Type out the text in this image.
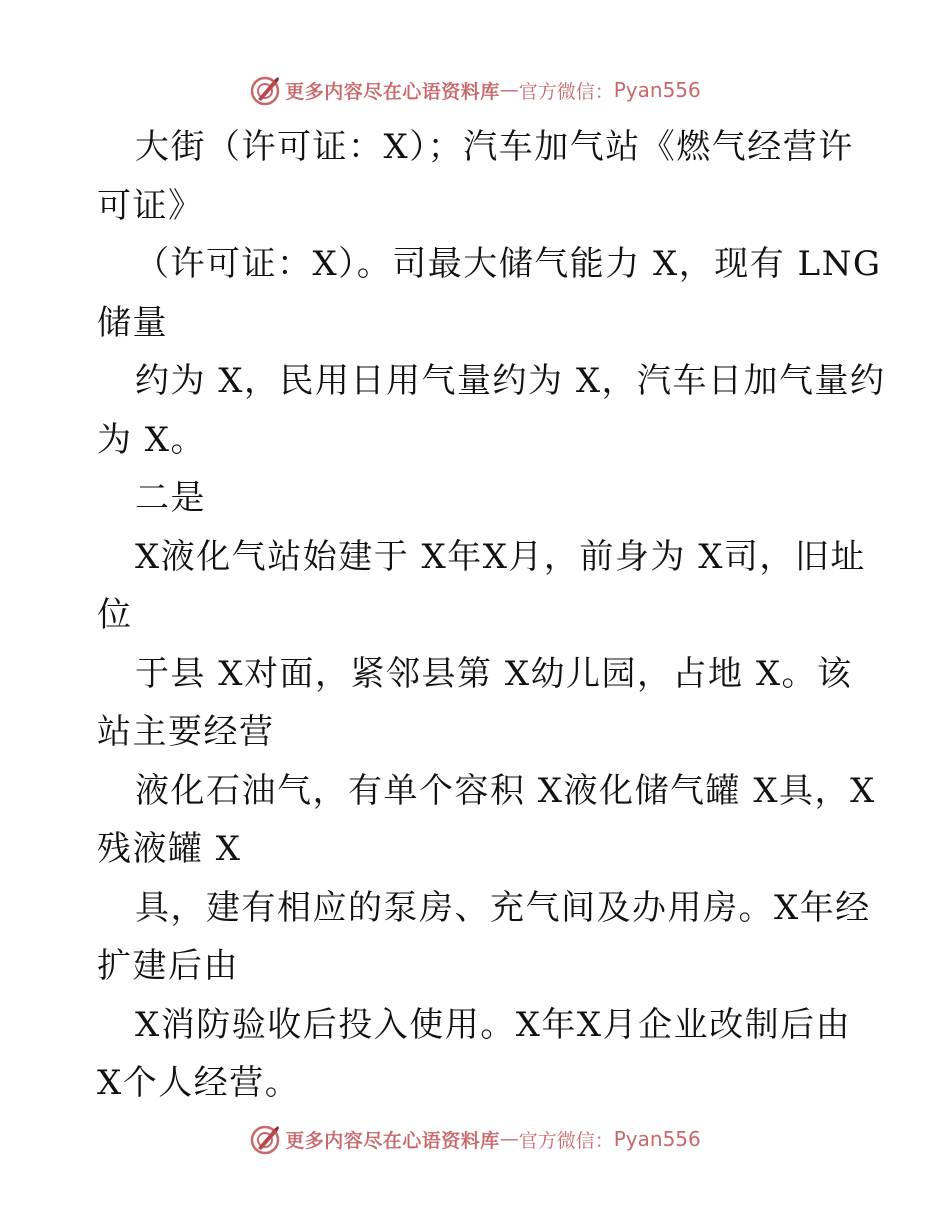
更多内容尽在心语资料库 — 官方微信： Pyan556
大街（许可证：X）；汽车加气站《燃气经营许
可证》
（许可证：X）。司最大储气能力 X，现有 LNG
储量
约为 X，民用日用气量约为 X，汽车日加气量约
为 X。
二是
X液化气站始建于 X年X月，前身为 X司，旧址
位
于县 X对面，紧邻县第 X幼儿园，占地 X。该
站主要经营
液化石油气，有单个容积 X液化储气罐 X具，X
残液罐 X
具，建有相应的泵房、充气间及办用房。X年经
扩建后由
X消防验收后投入使用。X年X月企业改制后由
X个人经营。
更多内容尽在心语资料库 — 官方微信： Pyan556
